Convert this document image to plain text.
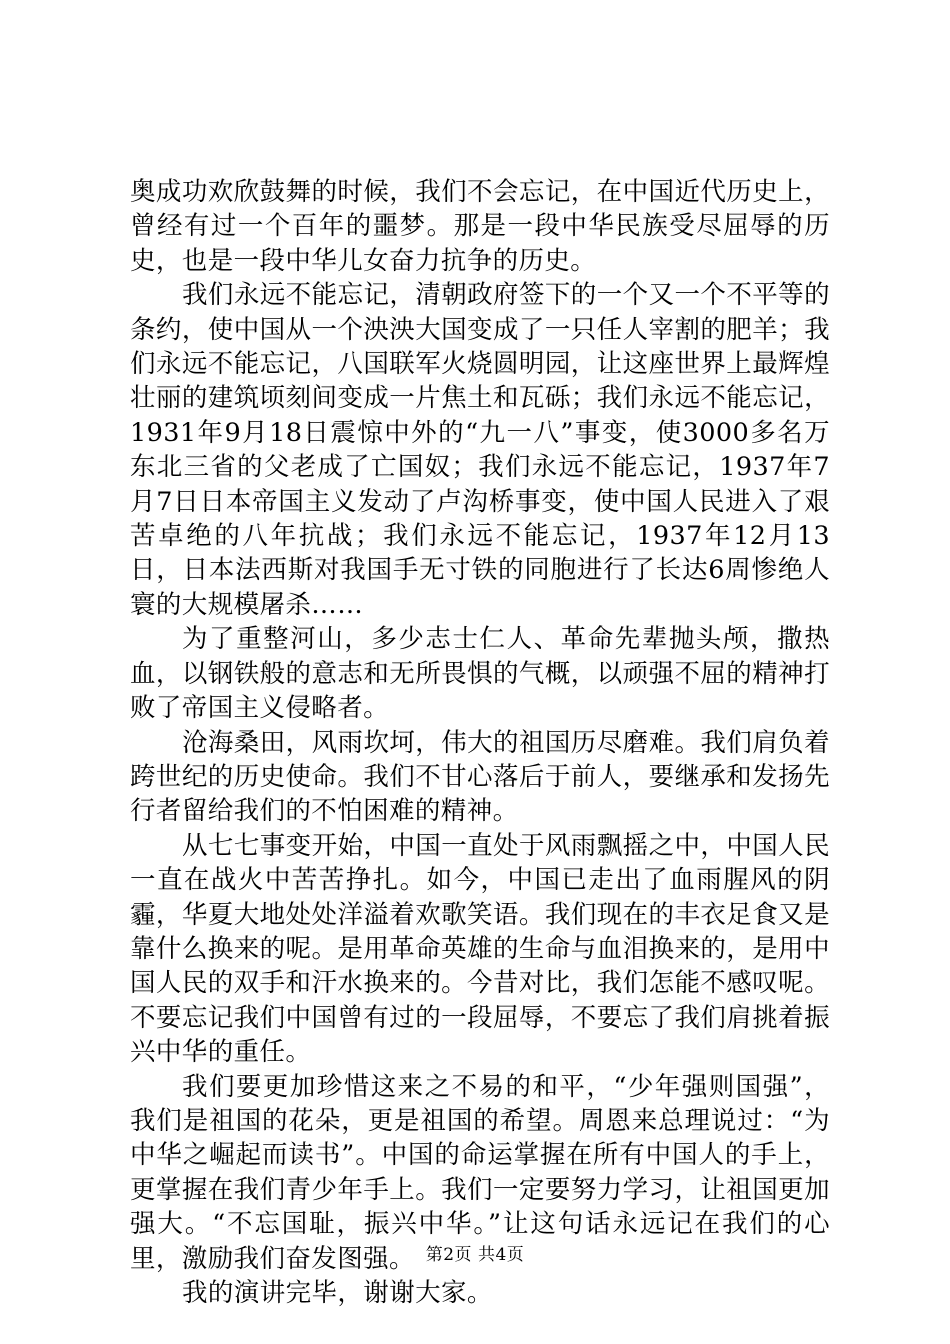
奥成功欢欣鼓舞的时候，我们不会忘记，在中国近代历史上，曾经有过一个百年的噩梦。那是一段中华民族受尽屈辱的历史，也是一段中华儿女奋力抗争的历史。

我们永远不能忘记，清朝政府签下的一个又一个不平等的条约，使中国从一个泱泱大国变成了一只任人宰割的肥羊；我们永远不能忘记，八国联军火烧圆明园，让这座世界上最辉煌壮丽的建筑顷刻间变成一片焦土和瓦砾；我们永远不能忘记，1931年9月18日震惊中外的“九一八”事变，使3000多名万东北三省的父老成了亡国奴；我们永远不能忘记，1937年7月7日日本帝国主义发动了卢沟桥事变，使中国人民进入了艰苦卓绝的八年抗战；我们永远不能忘记，1937年12月13日，日本法西斯对我国手无寸铁的同胞进行了长达6周惨绝人寰的大规模屠杀……

为了重整河山，多少志士仁人、革命先辈抛头颅，撒热血，以钢铁般的意志和无所畏惧的气概，以顽强不屈的精神打败了帝国主义侵略者。

沧海桑田，风雨坎坷，伟大的祖国历尽磨难。我们肩负着跨世纪的历史使命。我们不甘心落后于前人，要继承和发扬先行者留给我们的不怕困难的精神。

从七七事变开始，中国一直处于风雨飘摇之中，中国人民一直在战火中苦苦挣扎。如今，中国已走出了血雨腥风的阴霾，华夏大地处处洋溢着欢歌笑语。我们现在的丰衣足食又是靠什么换来的呢。是用革命英雄的生命与血泪换来的，是用中国人民的双手和汗水换来的。今昔对比，我们怎能不感叹呢。不要忘记我们中国曾有过的一段屈辱，不要忘了我们肩挑着振兴中华的重任。

我们要更加珍惜这来之不易的和平，“少年强则国强”，我们是祖国的花朵，更是祖国的希望。周恩来总理说过：“为中华之崛起而读书”。中国的命运掌握在所有中国人的手上，更掌握在我们青少年手上。我们一定要努力学习，让祖国更加强大。“不忘国耻，振兴中华。”让这句话永远记在我们的心里，激励我们奋发图强。

我的演讲完毕，谢谢大家。

第2页 共4页
